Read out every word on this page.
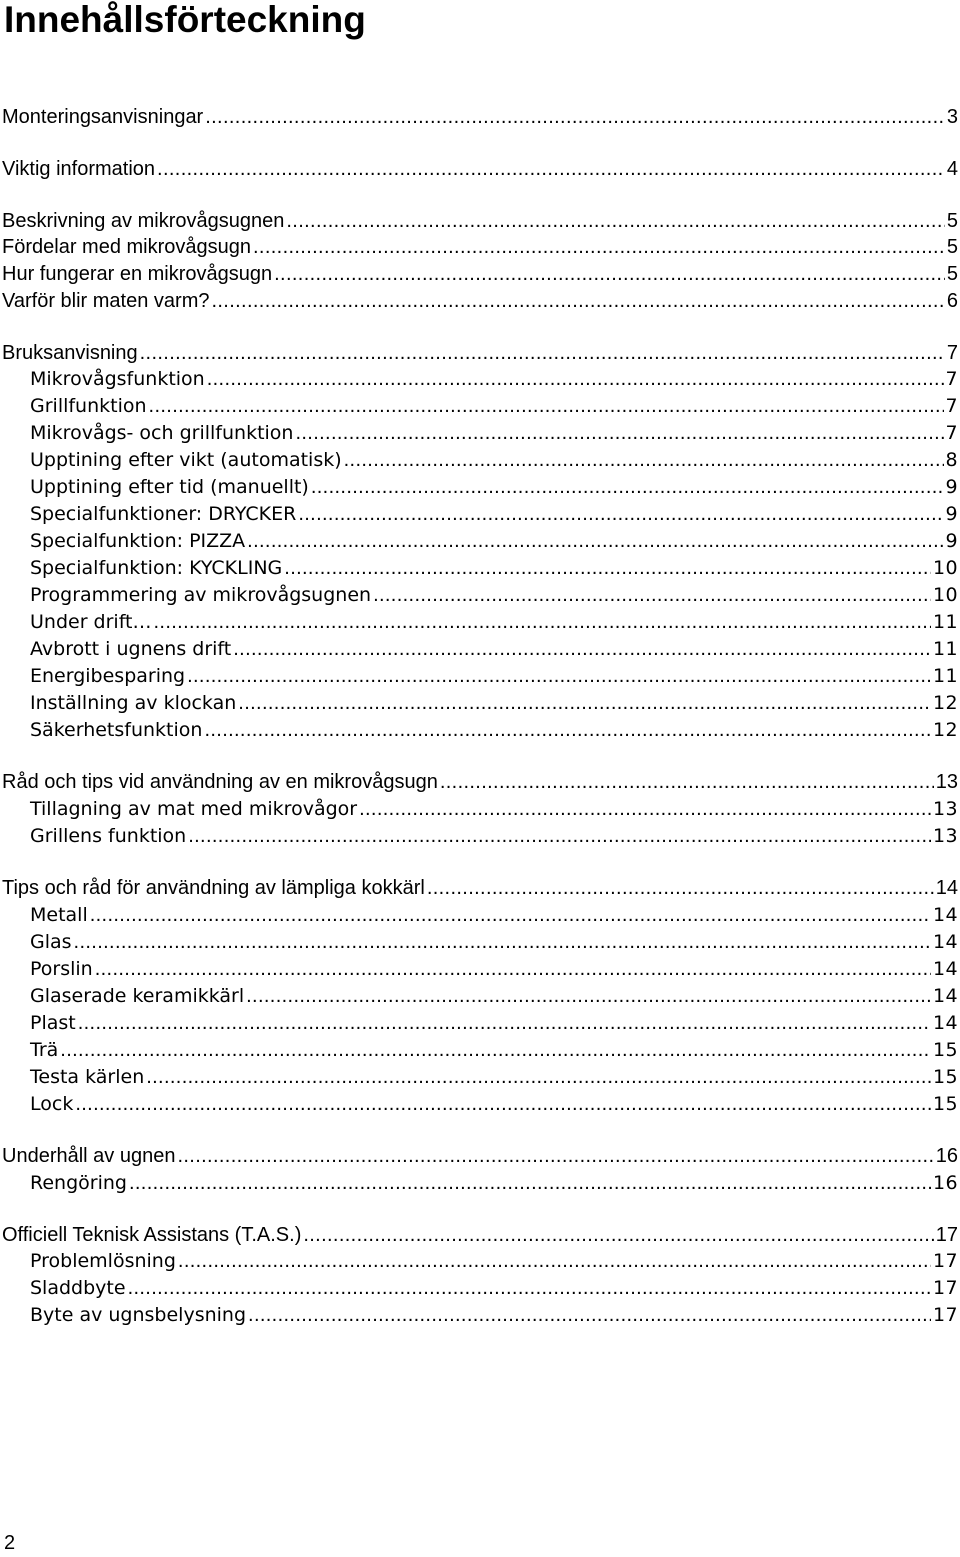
Innehållsförteckning
Monteringsanvisningar . . .	3
Viktig information . . .	4
Beskrivning av mikrovågsugnen . . .	5
Fördelar med mikrovågsugn . . .	5
Hur fungerar en mikrovågsugn . . .	5
Varför blir maten varm? . . .	6
Bruksanvisning . . .	7
Mikrovågsfunktion . . .	7
Grillfunktion . . .	7
Mikrovågs- och grillfunktion . . .	7
Upptining efter vikt (automatisk) . . .	8
Upptining efter tid (manuellt) . . .	9
Specialfunktioner: DRYCKER . . .	9
Specialfunktion: PIZZA . . .	9
Specialfunktion: KYCKLING . . .	10
Programmering av mikrovågsugnen . . .	10
Under drift… . . .	11
Avbrott i ugnens drift . . .	11
Energibesparing . . .	11
Inställning av klockan . . .	12
Säkerhetsfunktion . . .	12
Råd och tips vid användning av en mikrovågsugn . . .	13
Tillagning av mat med mikrovågor . . .	13
Grillens funktion . . .	13
Tips och råd för användning av lämpliga kokkärl . . .	14
Metall . . .	14
Glas . . .	14
Porslin . . .	14
Glaserade keramikkärl . . .	14
Plast . . .	14
Trä . . .	15
Testa kärlen . . .	15
Lock . . .	15
Underhåll av ugnen . . .	16
Rengöring . . .	16
Officiell Teknisk Assistans (T.A.S.) . . .	17
Problemlösning . . .	17
Sladdbyte . . .	17
Byte av ugnsbelysning . . .	17
2
